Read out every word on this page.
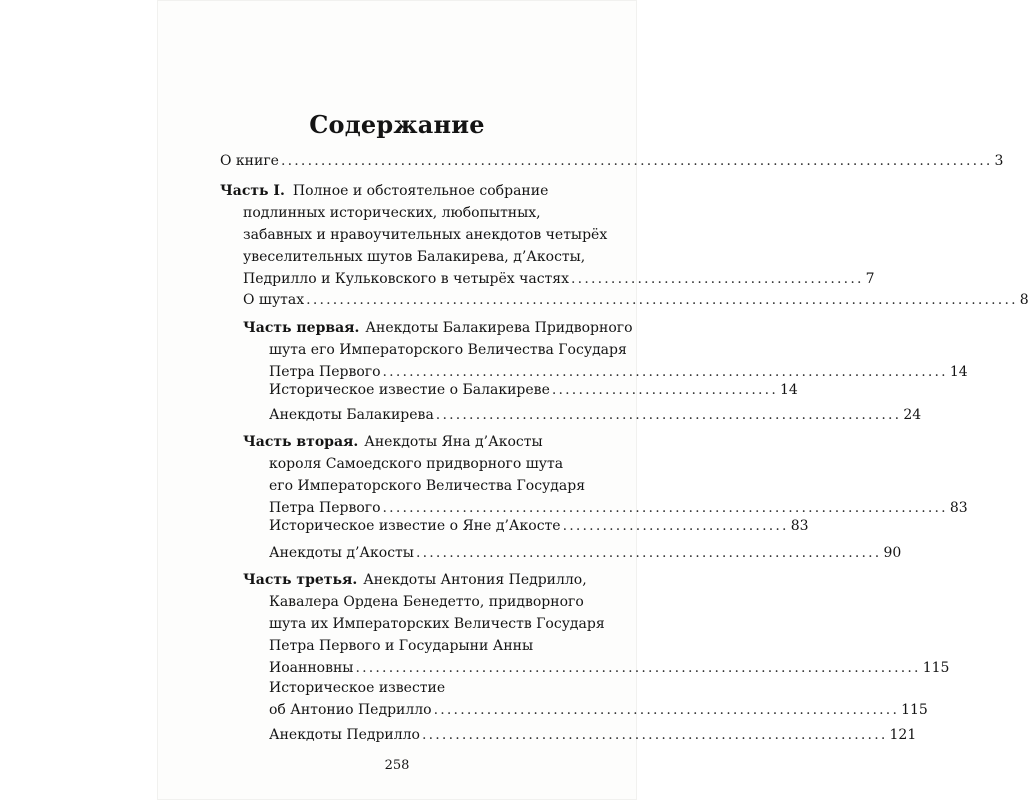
Содержание
О книге ........................................................................................................... 3
Часть I. Полное и обстоятельное собрание
подлинных исторических, любопытных,
забавных и нравоучительных анекдотов четырёх
увеселительных шутов Балакирева, д’Акосты,
Педрилло и Кульковского в четырёх частях ............................................ 7
О шутах ........................................................................................................... 8
Часть первая. Анекдоты Балакирева Придворного
шута его Императорского Величества Государя
Петра Первого ..................................................................................... 14
Историческое известие о Балакиреве .................................. 14
Анекдоты Балакирева ...................................................................... 24
Часть вторая. Анекдоты Яна д’Акосты
короля Самоедского придворного шута
его Императорского Величества Государя
Петра Первого ..................................................................................... 83
Историческое известие о Яне д’Акосте .................................. 83
Анекдоты д’Акосты ...................................................................... 90
Часть третья. Анекдоты Антония Педрилло,
Кавалера Ордена Бенедетто, придворного
шута их Императорских Величеств Государя
Петра Первого и Государыни Анны
Иоанновны ..................................................................................... 115
Историческое известие
об Антонио Педрилло ...................................................................... 115
Анекдоты Педрилло ...................................................................... 121
258
